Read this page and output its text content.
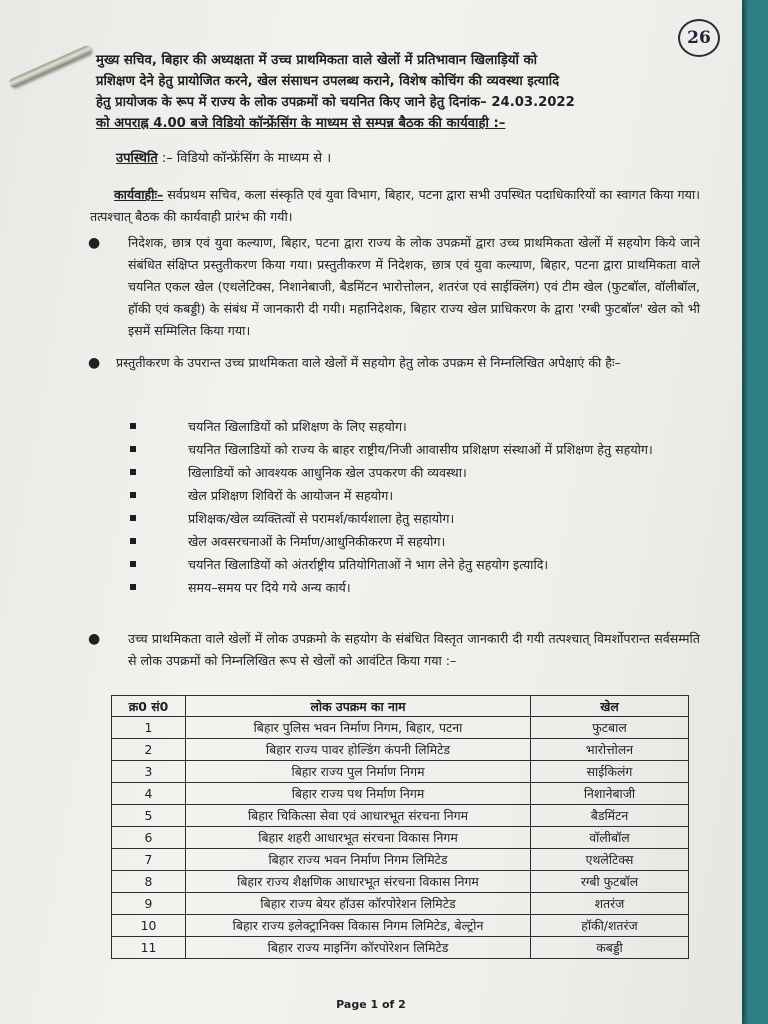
26
मुख्य सचिव, बिहार की अध्यक्षता में उच्च प्राथमिकता वाले खेलों में प्रतिभावान खिलाड़ियों को
प्रशिक्षण देने हेतु प्रायोजित करने, खेल संसाधन उपलब्ध कराने, विशेष कोचिंग की व्यवस्था इत्यादि
हेतु प्रायोजक के रूप में राज्य के लोक उपक्रमों को चयनित किए जाने हेतु दिनांक– 24.03.2022
को अपराह्न 4.00 बजे विडियो कॉन्फ्रेंसिंग के माध्यम से सम्पन्न बैठक की कार्यवाही :–
उपस्थिति :– विडियो कॉन्फ्रेंसिंग के माध्यम से ।
कार्यवाहीः– सर्वप्रथम सचिव, कला संस्कृति एवं युवा विभाग, बिहार, पटना द्वारा सभी उपस्थित पदाधिकारियों का स्वागत किया गया। तत्पश्चात् बैठक की कार्यवाही प्रारंभ की गयी।
● निदेशक, छात्र एवं युवा कल्याण, बिहार, पटना द्वारा राज्य के लोक उपक्रमों द्वारा उच्च प्राथमिकता खेलों में सहयोग किये जाने संबंधित संक्षिप्त प्रस्तुतीकरण किया गया। प्रस्तुतीकरण में निदेशक, छात्र एवं युवा कल्याण, बिहार, पटना द्वारा प्राथमिकता वाले चयनित एकल खेल (एथलेटिक्स, निशानेबाजी, बैडमिंटन भारोत्तोलन, शतरंज एवं साईक्लिंग) एवं टीम खेल (फुटबॉल, वॉलीबॉल, हॉकी एवं कबड्डी) के संबंध में जानकारी दी गयी। महानिदेशक, बिहार राज्य खेल प्राधिकरण के द्वारा 'रग्बी फुटबॉल' खेल को भी इसमें सम्मिलित किया गया।
● प्रस्तुतीकरण के उपरान्त उच्च प्राथमिकता वाले खेलों में सहयोग हेतु लोक उपक्रम से निम्नलिखित अपेक्षाएं की हैः–
चयनित खिलाडियों को प्रशिक्षण के लिए सहयोग।
चयनित खिलाडियों को राज्य के बाहर राष्ट्रीय/निजी आवासीय प्रशिक्षण संस्थाओं में प्रशिक्षण हेतु सहयोग।
खिलाडियों को आवश्यक आधुनिक खेल उपकरण की व्यवस्था।
खेल प्रशिक्षण शिविरों के आयोजन में सहयोग।
प्रशिक्षक/खेल व्यक्तित्वों से परामर्श/कार्यशाला हेतु सहायोग।
खेल अवसरचनाओं के निर्माण/आधुनिकीकरण में सहयोग।
चयनित खिलाडियों को अंतर्राष्ट्रीय प्रतियोगिताओं ने भाग लेने हेतु सहयोग इत्यादि।
समय–समय पर दिये गये अन्य कार्य।
● उच्च प्राथमिकता वाले खेलों में लोक उपक्रमो के सहयोग के संबंधित विस्तृत जानकारी दी गयी तत्पश्चात् विमर्शोपरान्त सर्वसम्मति से लोक उपक्रमों को निम्नलिखित रूप से खेलों को आवंटित किया गया :–
क्र0 सं0	लोक उपक्रम का नाम	खेल
1	बिहार पुलिस भवन निर्माण निगम, बिहार, पटना	फुटबाल
2	बिहार राज्य पावर होल्डिंग कंपनी लिमिटेड	भारोत्तोलन
3	बिहार राज्य पुल निर्माण निगम	साईकिलंग
4	बिहार राज्य पथ निर्माण निगम	निशानेबाजी
5	बिहार चिकित्सा सेवा एवं आधारभूत संरचना निगम	बैडमिंटन
6	बिहार शहरी आधारभूत संरचना विकास निगम	वॉलीबॉल
7	बिहार राज्य भवन निर्माण निगम लिमिटेड	एथलेटिक्स
8	बिहार राज्य शैक्षणिक आधारभूत संरचना विकास निगम	रग्बी फुटबॉल
9	बिहार राज्य बेयर हॉउस कॉरपोरेशन लिमिटेड	शतरंज
10	बिहार राज्य इलेक्ट्रानिक्स विकास निगम लिमिटेड, बेल्ट्रोन	हॉकी/शतरंज
11	बिहार राज्य माइनिंग कॉरपोरेशन लिमिटेड	कबड्डी
Page 1 of 2
